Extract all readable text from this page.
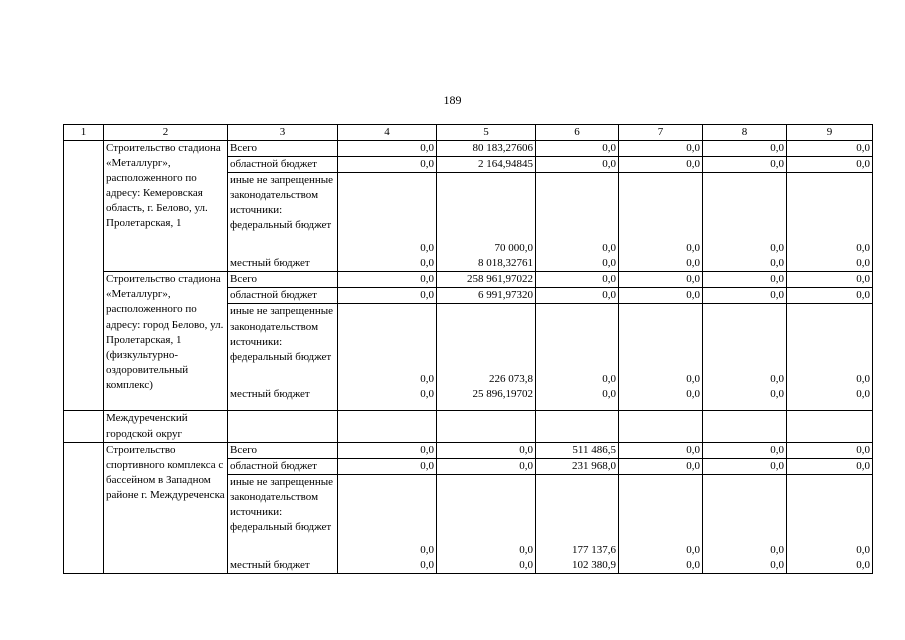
189
1	2	3	4	5	6	7	8	9
	Строительство стадиона «Металлург», расположенного по адресу: Кемеровская область, г. Белово, ул. Пролетарская, 1	Всего	0,0	80 183,27606	0,0	0,0	0,0	0,0
		областной бюджет	0,0	2 164,94845	0,0	0,0	0,0	0,0
		иные не запрещенные законодательством источники: федеральный бюджет	0,0	70 000,0	0,0	0,0	0,0	0,0
		местный бюджет	0,0	8 018,32761	0,0	0,0	0,0	0,0
	Строительство стадиона «Металлург», расположенного по адресу: город Белово, ул. Пролетарская, 1 (физкультурно-оздоровительный комплекс)	Всего	0,0	258 961,97022	0,0	0,0	0,0	0,0
		областной бюджет	0,0	6 991,97320	0,0	0,0	0,0	0,0
		иные не запрещенные законодательством источники: федеральный бюджет	0,0	226 073,8	0,0	0,0	0,0	0,0
		местный бюджет	0,0	25 896,19702	0,0	0,0	0,0	0,0
	Междуреченский городской округ							
	Строительство спортивного комплекса с бассейном в Западном районе г. Междуреченска	Всего	0,0	0,0	511 486,5	0,0	0,0	0,0
		областной бюджет	0,0	0,0	231 968,0	0,0	0,0	0,0
		иные не запрещенные законодательством источники: федеральный бюджет	0,0	0,0	177 137,6	0,0	0,0	0,0
		местный бюджет	0,0	0,0	102 380,9	0,0	0,0	0,0
